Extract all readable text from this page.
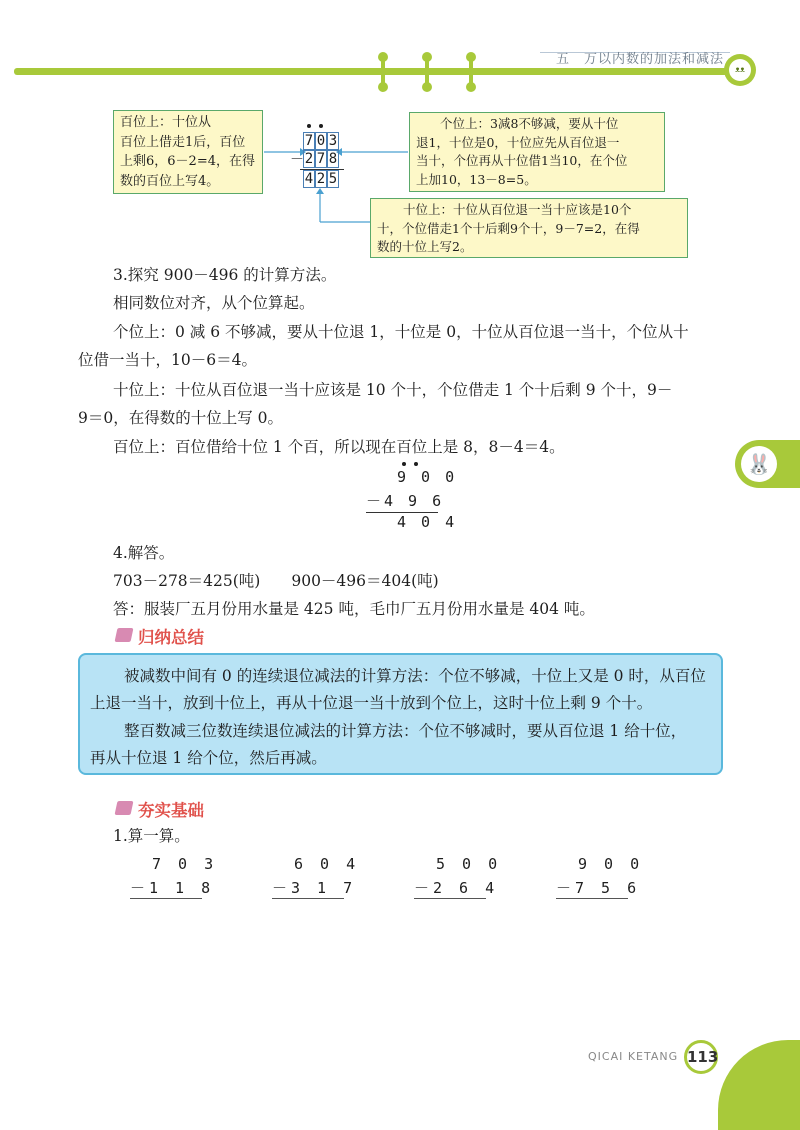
五　万以内数的加法和减法
ᴥᴥ
百位上：十位从
百位上借走1后，百位
上剩6，6－2=4，在得
数的百位上写4。
个位上：3减8不够减，要从十位
退1，十位是0，十位应先从百位退一
当十，个位再从十位借1当10，在个位
上加10，13－8=5。
十位上：十位从百位退一当十应该是10个
十，个位借走1个十后剩9个十，9－7=2，在得
数的十位上写2。
7 0 3
－ 2 7 8
4 2 5
3.探究 900－496 的计算方法。
相同数位对齐，从个位算起。
个位上：0 减 6 不够减，要从十位退 1，十位是 0，十位从百位退一当十，个位从十
位借一当十，10－6＝4。
十位上：十位从百位退一当十应该是 10 个十，个位借走 1 个十后剩 9 个十，9－
9＝0，在得数的十位上写 0。
百位上：百位借给十位 1 个百，所以现在百位上是 8，8－4＝4。
9 0 0
－4 9 6
4 0 4
4.解答。
703－278＝425(吨)　　900－496＝404(吨)
答：服装厂五月份用水量是 425 吨，毛巾厂五月份用水量是 404 吨。
归纳总结
被减数中间有 0 的连续退位减法的计算方法：个位不够减，十位上又是 0 时，从百位
上退一当十，放到十位上，再从十位退一当十放到个位上，这时十位上剩 9 个十。
整百数减三位数连续退位减法的计算方法：个位不够减时，要从百位退 1 给十位，
再从十位退 1 给个位，然后再减。
夯实基础
1.算一算。
7 0 3
－1 1 8
6 0 4
－3 1 7
5 0 0
－2 6 4
9 0 0
－7 5 6
🐰
QICAI KETANG 113
